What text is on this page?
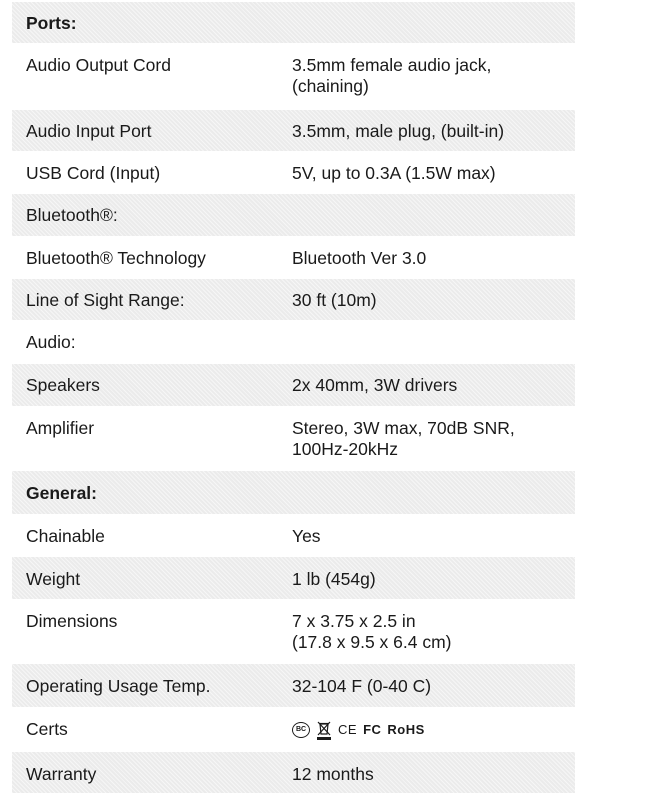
Ports:
Audio Output Cord	3.5mm female audio jack,
(chaining)
Audio Input Port	3.5mm, male plug, (built-in)
USB Cord (Input)	5V, up to 0.3A (1.5W max)
Bluetooth®:
Bluetooth® Technology	Bluetooth Ver 3.0
Line of Sight Range:	30 ft (10m)
Audio:
Speakers	2x 40mm, 3W drivers
Amplifier	Stereo, 3W max, 70dB SNR,
100Hz-20kHz
General:
Chainable	Yes
Weight	1 lb (454g)
Dimensions	7 x 3.75 x 2.5 in
(17.8 x 9.5 x 6.4 cm)
Operating Usage Temp.	32-104 F (0-40 C)
Certs	BC	CE FC RoHS
Warranty	12 months
